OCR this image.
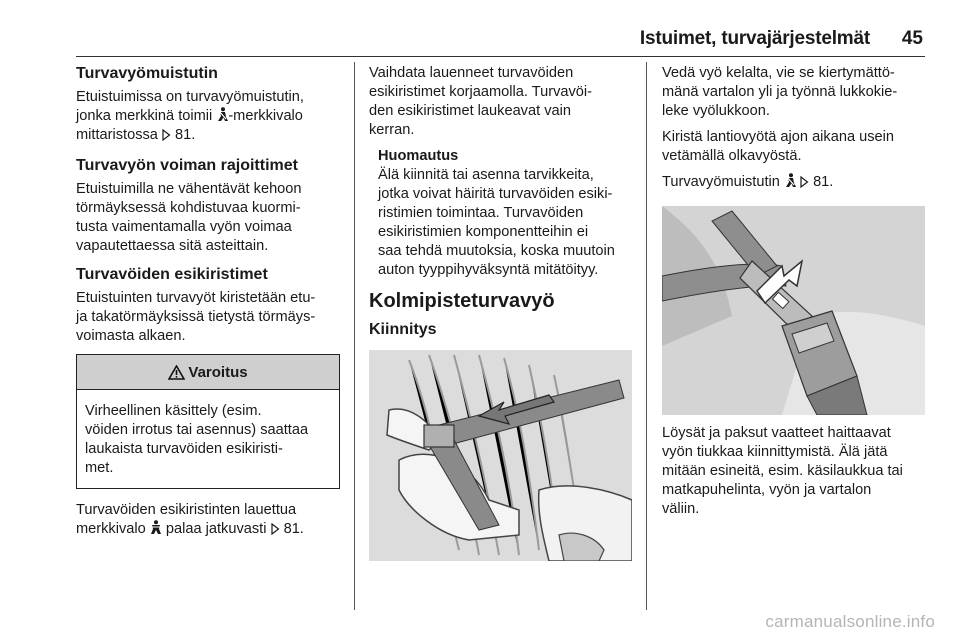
Istuimet, turvajärjestelmät	45
Turvavyömuistutin

Etuistuimissa on turvavyömuistutin,
jonka merkkinä toimii -merkkivalo
mittaristossa  81.

Turvavyön voiman rajoittimet

Etuistuimilla ne vähentävät kehoon
törmäyksessä kohdistuvaa kuormi-
tusta vaimentamalla vyön voimaa
vapautettaessa sitä asteittain.

Turvavöiden esikiristimet

Etuistuinten turvavyöt kiristetään etu-
ja takatörmäyksissä tietystä törmäys-
voimasta alkaen.

Varoitus

Virheellinen käsittely (esim.
vöiden irrotus tai asennus) saattaa
laukaista turvavöiden esikiristi-
met.

Turvavöiden esikiristinten lauettua
merkkivalo  palaa jatkuvasti  81.

Vaihdata lauenneet turvavöiden
esikiristimet korjaamolla. Turvavöi-
den esikiristimet laukeavat vain
kerran.

Huomautus

Älä kiinnitä tai asenna tarvikkeita,
jotka voivat häiritä turvavöiden esiki-
ristimien toimintaa. Turvavöiden
esikiristimien komponentteihin ei
saa tehdä muutoksia, koska muutoin
auton tyyppihyväksyntä mitätöityy.

Kolmipisteturvavyö
Kiinnitys

Vedä vyö kelalta, vie se kiertymättö-
mänä vartalon yli ja työnnä lukkokie-
leke vyölukkoon.

Kiristä lantiovyötä ajon aikana usein
vetämällä olkavyöstä.

Turvavyömuistutin   81.

Löysät ja paksut vaatteet haittaavat
vyön tiukkaa kiinnittymistä. Älä jätä
mitään esineitä, esim. käsilaukkua tai
matkapuhelinta, vyön ja vartalon
väliin.

carmanualsonline.info
